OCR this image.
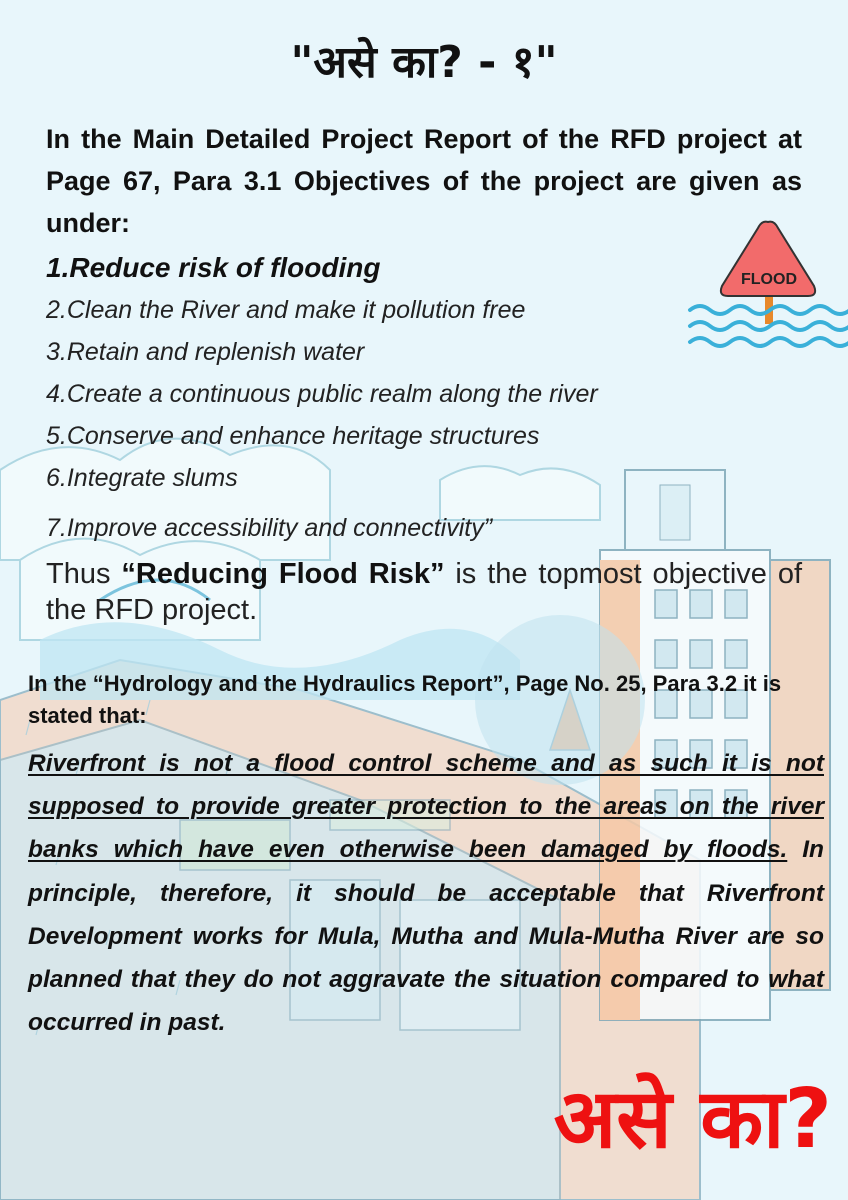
FLOOD
"असे का? - १"
In the Main Detailed Project Report of the RFD project at Page 67, Para 3.1 Objectives of the project are given as under:
1.Reduce risk of flooding
2.Clean the River and make it pollution free
3.Retain and replenish water
4.Create a continuous public realm along the river
5.Conserve and enhance heritage structures
6.Integrate slums
7.Improve accessibility and connectivity”
Thus “Reducing Flood Risk” is the topmost objective of the RFD project.
In the “Hydrology and the Hydraulics Report”, Page No. 25, Para 3.2 it is stated that:
Riverfront is not a flood control scheme and as such it is not supposed to provide greater protection to the areas on the river banks which have even otherwise been damaged by floods. In principle, therefore, it should be acceptable that Riverfront Development works for Mula, Mutha and Mula-Mutha River are so planned that they do not aggravate the situation compared to what occurred in past.
असे का?
